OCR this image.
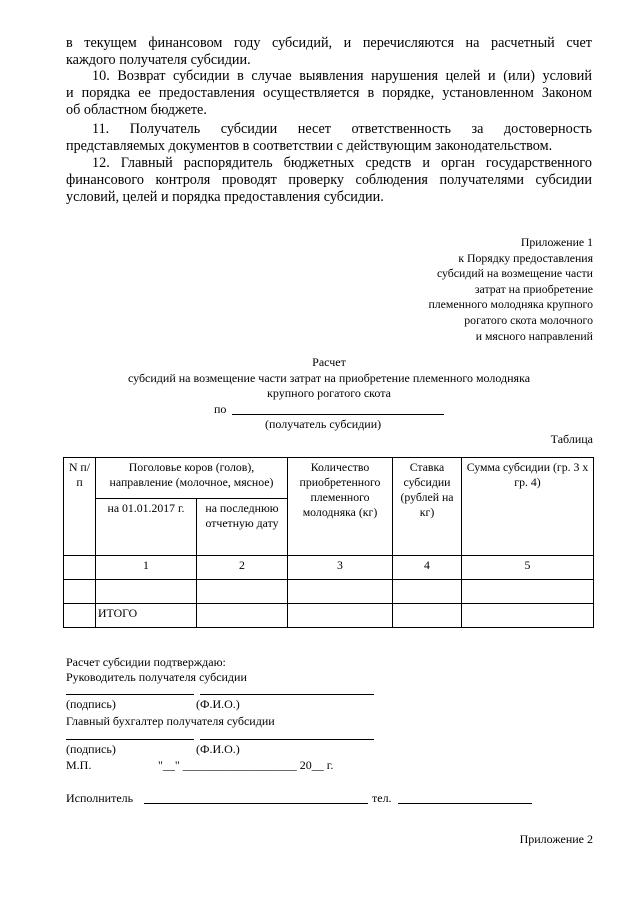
в текущем финансовом году субсидий, и перечисляются на расчетный счет
каждого получателя субсидии.
10. Возврат субсидии в случае выявления нарушения целей и (или) условий
и порядка ее предоставления осуществляется в порядке, установленном Законом
об областном бюджете.
11. Получатель субсидии несет ответственность за достоверность
представляемых документов в соответствии с действующим законодательством.
12. Главный распорядитель бюджетных средств и орган государственного
финансового контроля проводят проверку соблюдения получателями субсидии
условий, целей и порядка предоставления субсидии.
Приложение 1
к Порядку предоставления
субсидий на возмещение части
затрат на приобретение
племенного молодняка крупного
рогатого скота молочного
и мясного направлений
Расчет
субсидий на возмещение части затрат на приобретение племенного молодняка
крупного рогатого скота
по
(получатель субсидии)
Таблица
N п/п	Поголовье коров (голов), направление (молочное, мясное)		Количество приобретенного племенного молодняка (кг)	Ставка субсидии (рублей на кг)	Сумма субсидии (гр. 3 x гр. 4)
	на 01.01.2017 г.	на последнюю отчетную дату			
	1	2	3	4	5

	ИТОГО				
Расчет субсидии подтверждаю:
Руководитель получателя субсидии
(подпись)	(Ф.И.О.)
Главный бухгалтер получателя субсидии
(подпись)	(Ф.И.О.)
М.П.	"__" ___________________ 20__ г.
Исполнитель	тел.
Приложение 2
